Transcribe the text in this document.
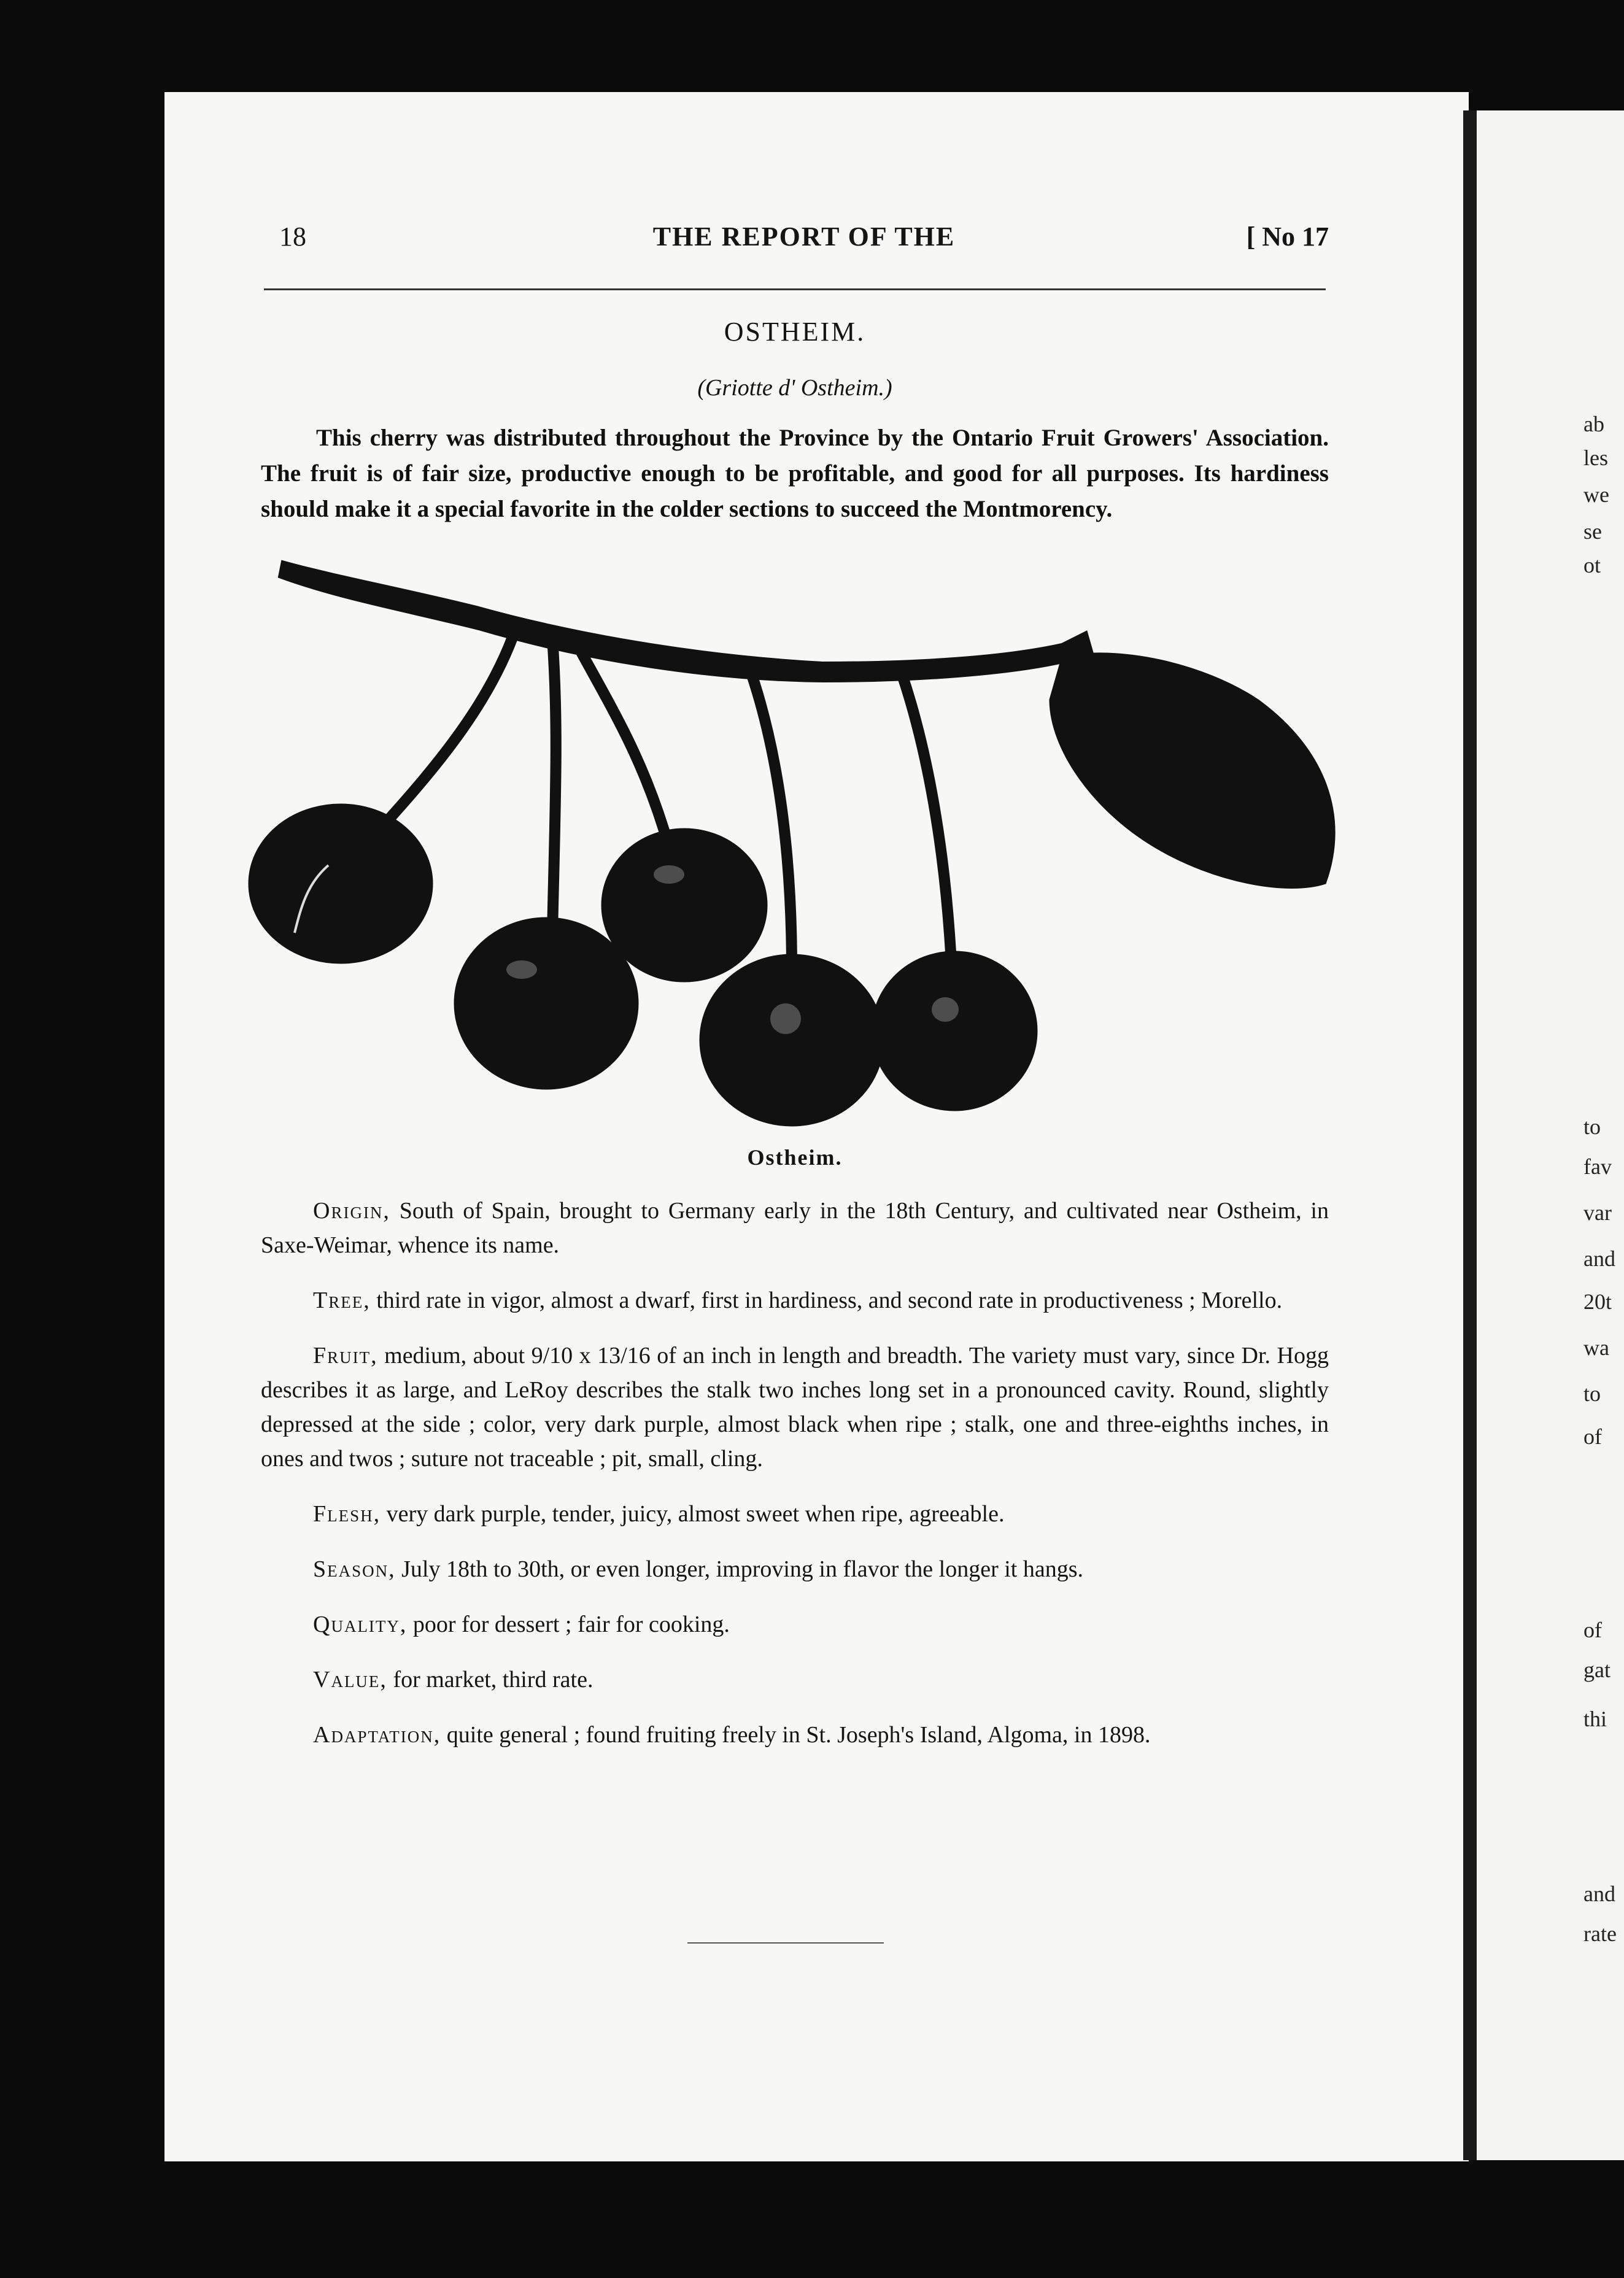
18	THE REPORT OF THE	[ No 17
OSTHEIM.
(Griotte d' Ostheim.)

This cherry was distributed throughout the Province by the Ontario Fruit Growers' Association. The fruit is of fair size, productive enough to be profitable, and good for all purposes. Its hardiness should make it a special favorite in the colder sections to succeed the Montmorency.

Ostheim.

Origin, South of Spain, brought to Germany early in the 18th Century, and cultivated near Ostheim, in Saxe-Weimar, whence its name.

Tree, third rate in vigor, almost a dwarf, first in hardiness, and second rate in productiveness ; Morello.

Fruit, medium, about 9/10 x 13/16 of an inch in length and breadth. The variety must vary, since Dr. Hogg describes it as large, and LeRoy describes the stalk two inches long set in a pronounced cavity. Round, slightly depressed at the side ; color, very dark purple, almost black when ripe ; stalk, one and three-eighths inches, in ones and twos ; suture not traceable ; pit, small, cling.

Flesh, very dark purple, tender, juicy, almost sweet when ripe, agreeable.

Season, July 18th to 30th, or even longer, improving in flavor the longer it hangs.

Quality, poor for dessert ; fair for cooking.

Value, for market, third rate.

Adaptation, quite general ; found fruiting freely in St. Joseph's Island, Algoma, in 1898.

ab
les
we
se
ot
to
fav
var
and
20t
wa
to
of
of
gat
thi
and
rate
